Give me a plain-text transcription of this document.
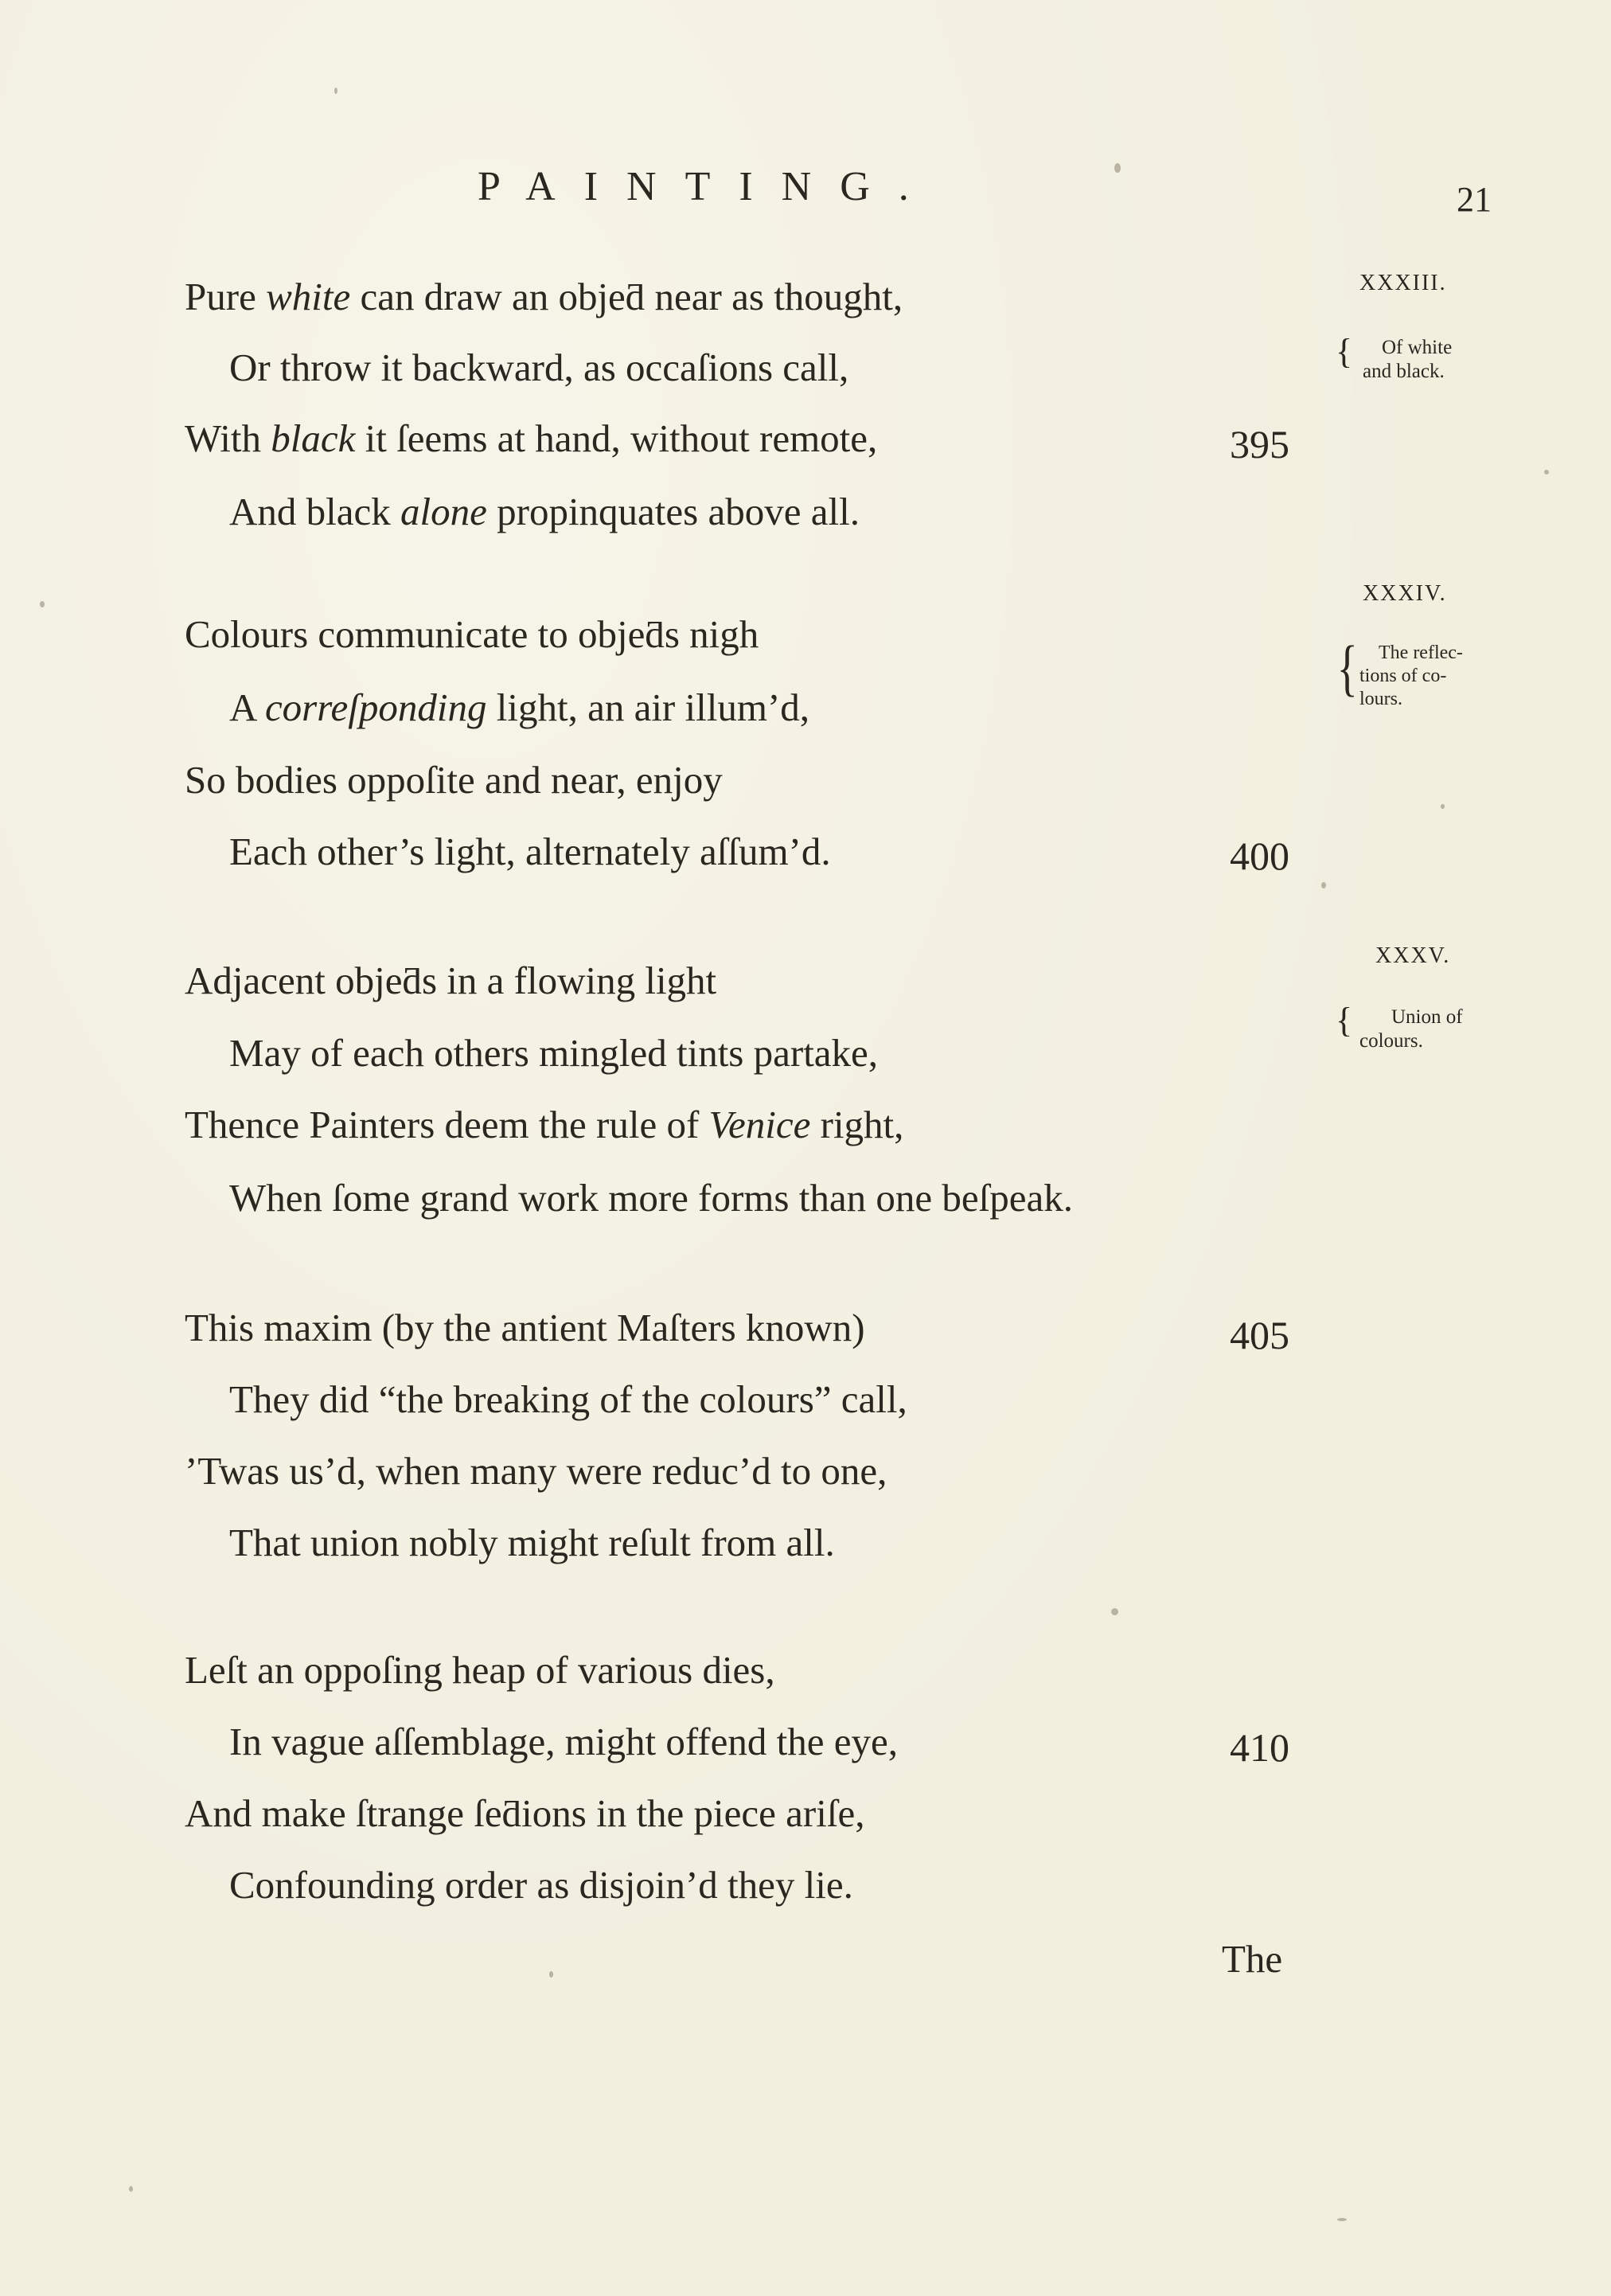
PAINTING.	21
Pure white can draw an objeƌ near as thought,
Or throw it backward, as occaſions call,
With black it ſeems at hand, without remote,
And black alone propinquates above all.
395
XXXIII.
{	Of white
and black.
Colours communicate to objeƌs nigh
A correſponding light, an air illum’d,
So bodies oppoſite and near, enjoy
Each other’s light, alternately aſſum’d.	400
XXXIV.
{	The reflec-
tions of co-
lours.
Adjacent objeƌs in a flowing light
May of each others mingled tints partake,
Thence Painters deem the rule of Venice right,
When ſome grand work more forms than one beſpeak.
XXXV.
{	Union of
colours.
This maxim (by the antient Maſters known)
They did “the breaking of the colours” call,
’Twas us’d, when many were reduc’d to one,
That union nobly might reſult from all.
405
Leſt an oppoſing heap of various dies,
In vague aſſemblage, might offend the eye,
And make ſtrange ſeƌions in the piece ariſe,
Confounding order as disjoin’d they lie.
410
The
